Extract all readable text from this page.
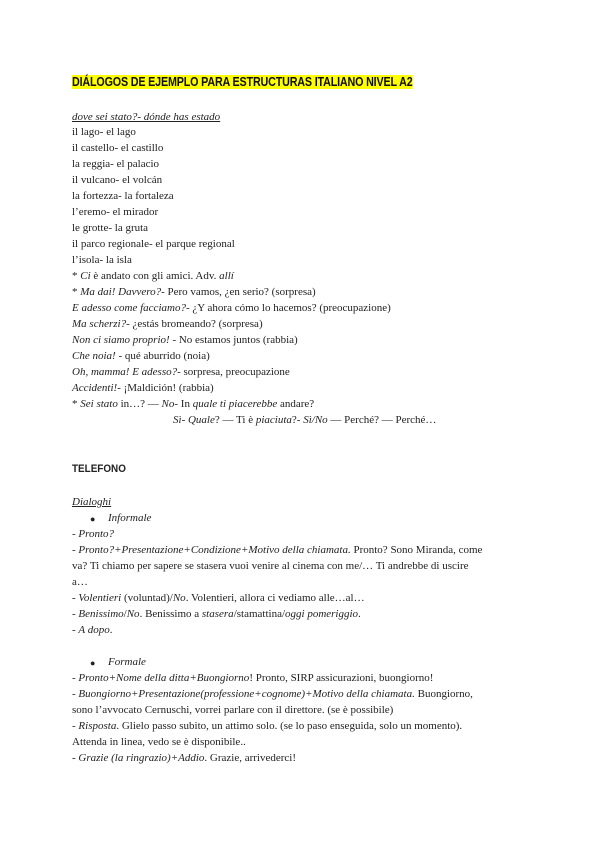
DIÁLOGOS DE EJEMPLO PARA ESTRUCTURAS ITALIANO NIVEL A2
dove sei stato?- dónde has estado
il lago- el lago
il castello- el castillo
la reggia- el palacio
il vulcano- el volcán
la fortezza- la fortaleza
l’eremo- el mirador
le grotte- la gruta
il parco regionale- el parque regional
l’isola- la isla
* Ci è andato con gli amici. Adv. allí
* Ma dai! Davvero?- Pero vamos, ¿en serio? (sorpresa)
E adesso come facciamo?- ¿Y ahora cómo lo hacemos? (preocupazione)
Ma scherzi?- ¿estás bromeando? (sorpresa)
Non ci siamo proprio! - No estamos juntos (rabbia)
Che noia! - qué aburrido (noia)
Oh, mamma! E adesso?- sorpresa, preocupazione
Accidenti!- ¡Maldición! (rabbia)
* Sei stato in…? — No- In quale ti piacerebbe andare?
Sì- Quale? — Ti è piaciuta?- Sì/No — Perché? — Perché…
TELEFONO
Dialoghi
● Informale
- Pronto?
- Pronto?+Presentazione+Condizione+Motivo della chiamata. Pronto? Sono Miranda, come
va? Ti chiamo per sapere se stasera vuoi venire al cinema con me/… Ti andrebbe di uscire
a…
- Volentieri (voluntad)/No. Volentieri, allora ci vediamo alle…al…
- Benissimo/No. Benissimo a stasera/stamattina/oggi pomeriggio.
- A dopo.
● Formale
- Pronto+Nome della ditta+Buongiorno! Pronto, SIRP assicurazioni, buongiorno!
- Buongiorno+Presentazione(professione+cognome)+Motivo della chiamata. Buongiorno,
sono l’avvocato Cernuschi, vorrei parlare con il direttore. (se è possibile)
- Risposta. Glielo passo subito, un attimo solo. (se lo paso enseguida, solo un momento).
Attenda in linea, vedo se è disponibile..
- Grazie (la ringrazio)+Addio. Grazie, arrivederci!
